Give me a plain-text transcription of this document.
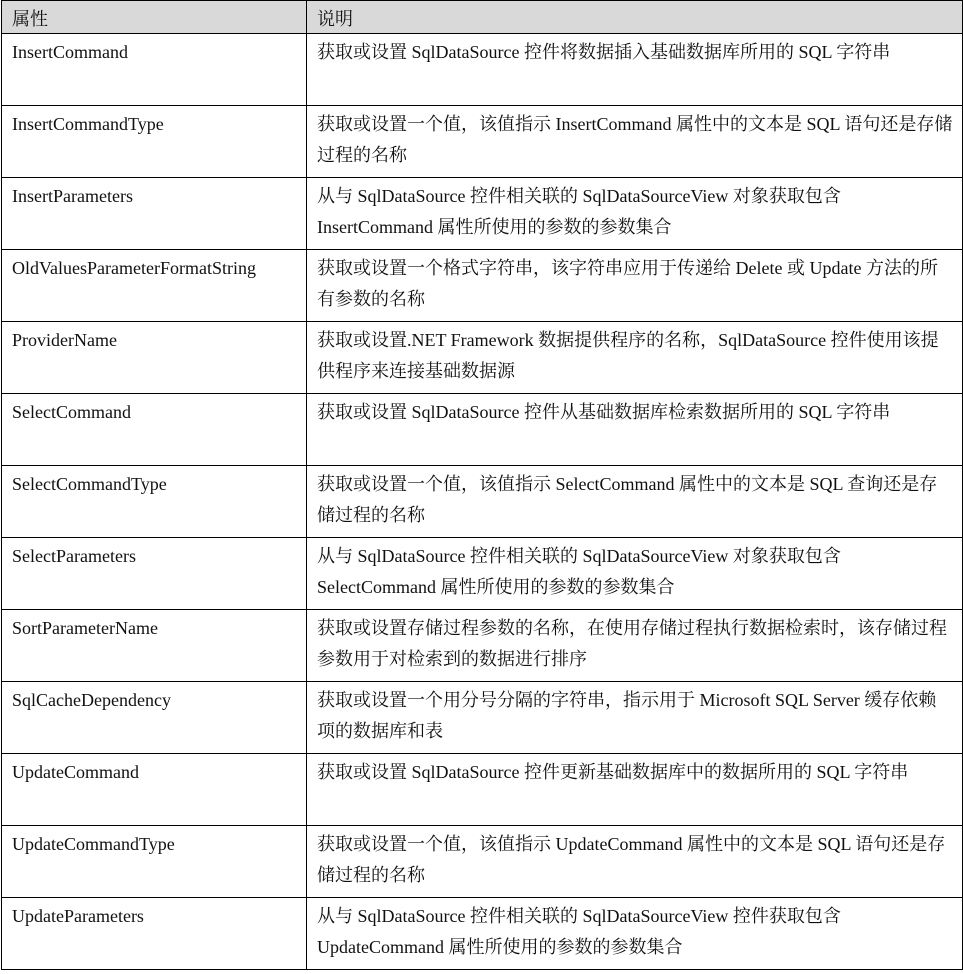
属性	说明
InsertCommand	获取或设置 SqlDataSource 控件将数据插入基础数据库所用的 SQL 字符串
InsertCommandType	获取或设置一个值，该值指示 InsertCommand 属性中的文本是 SQL 语句还是存储过程的名称
InsertParameters	从与 SqlDataSource 控件相关联的 SqlDataSourceView 对象获取包含 InsertCommand 属性所使用的参数的参数集合
OldValuesParameterFormatString	获取或设置一个格式字符串，该字符串应用于传递给 Delete 或 Update 方法的所有参数的名称
ProviderName	获取或设置.NET Framework 数据提供程序的名称，SqlDataSource 控件使用该提供程序来连接基础数据源
SelectCommand	获取或设置 SqlDataSource 控件从基础数据库检索数据所用的 SQL 字符串
SelectCommandType	获取或设置一个值，该值指示 SelectCommand 属性中的文本是 SQL 查询还是存储过程的名称
SelectParameters	从与 SqlDataSource 控件相关联的 SqlDataSourceView 对象获取包含 SelectCommand 属性所使用的参数的参数集合
SortParameterName	获取或设置存储过程参数的名称，在使用存储过程执行数据检索时，该存储过程参数用于对检索到的数据进行排序
SqlCacheDependency	获取或设置一个用分号分隔的字符串，指示用于 Microsoft SQL Server 缓存依赖项的数据库和表
UpdateCommand	获取或设置 SqlDataSource 控件更新基础数据库中的数据所用的 SQL 字符串
UpdateCommandType	获取或设置一个值，该值指示 UpdateCommand 属性中的文本是 SQL 语句还是存储过程的名称
UpdateParameters	从与 SqlDataSource 控件相关联的 SqlDataSourceView 控件获取包含 UpdateCommand 属性所使用的参数的参数集合
